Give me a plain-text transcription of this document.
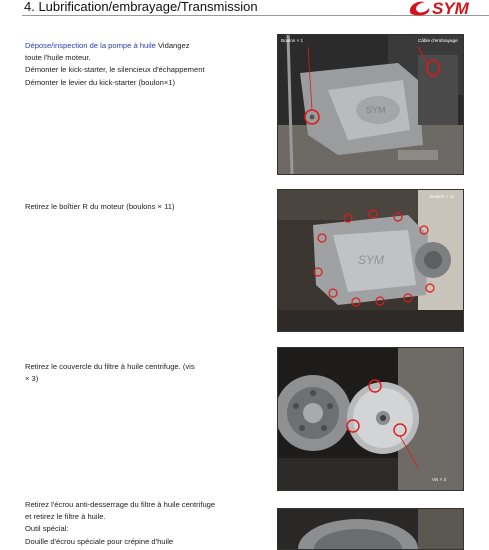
4. Lubrification/embrayage/Transmission	SYM
Dépose/inspection de la pompe à huile Vidangez
toute l'huile moteur.
Démonter le kick-starter, le silencieux d'échappement
Démonter le levier du kick-starter (boulon×1)
SYM
Boulon × 1	Câble d'embrayage
Retirez le boîtier R du moteur (boulons × 11)
SYM
Boulon × 11
Retirez le couvercle du filtre à huile centrifuge. (vis
× 3)
Vis × 3
Retirez l'écrou anti-desserrage du filtre à huile centrifuge
et retirez le filtre à huile.
Outil spécial:
Douille d'écrou spéciale pour crépine d'huile
